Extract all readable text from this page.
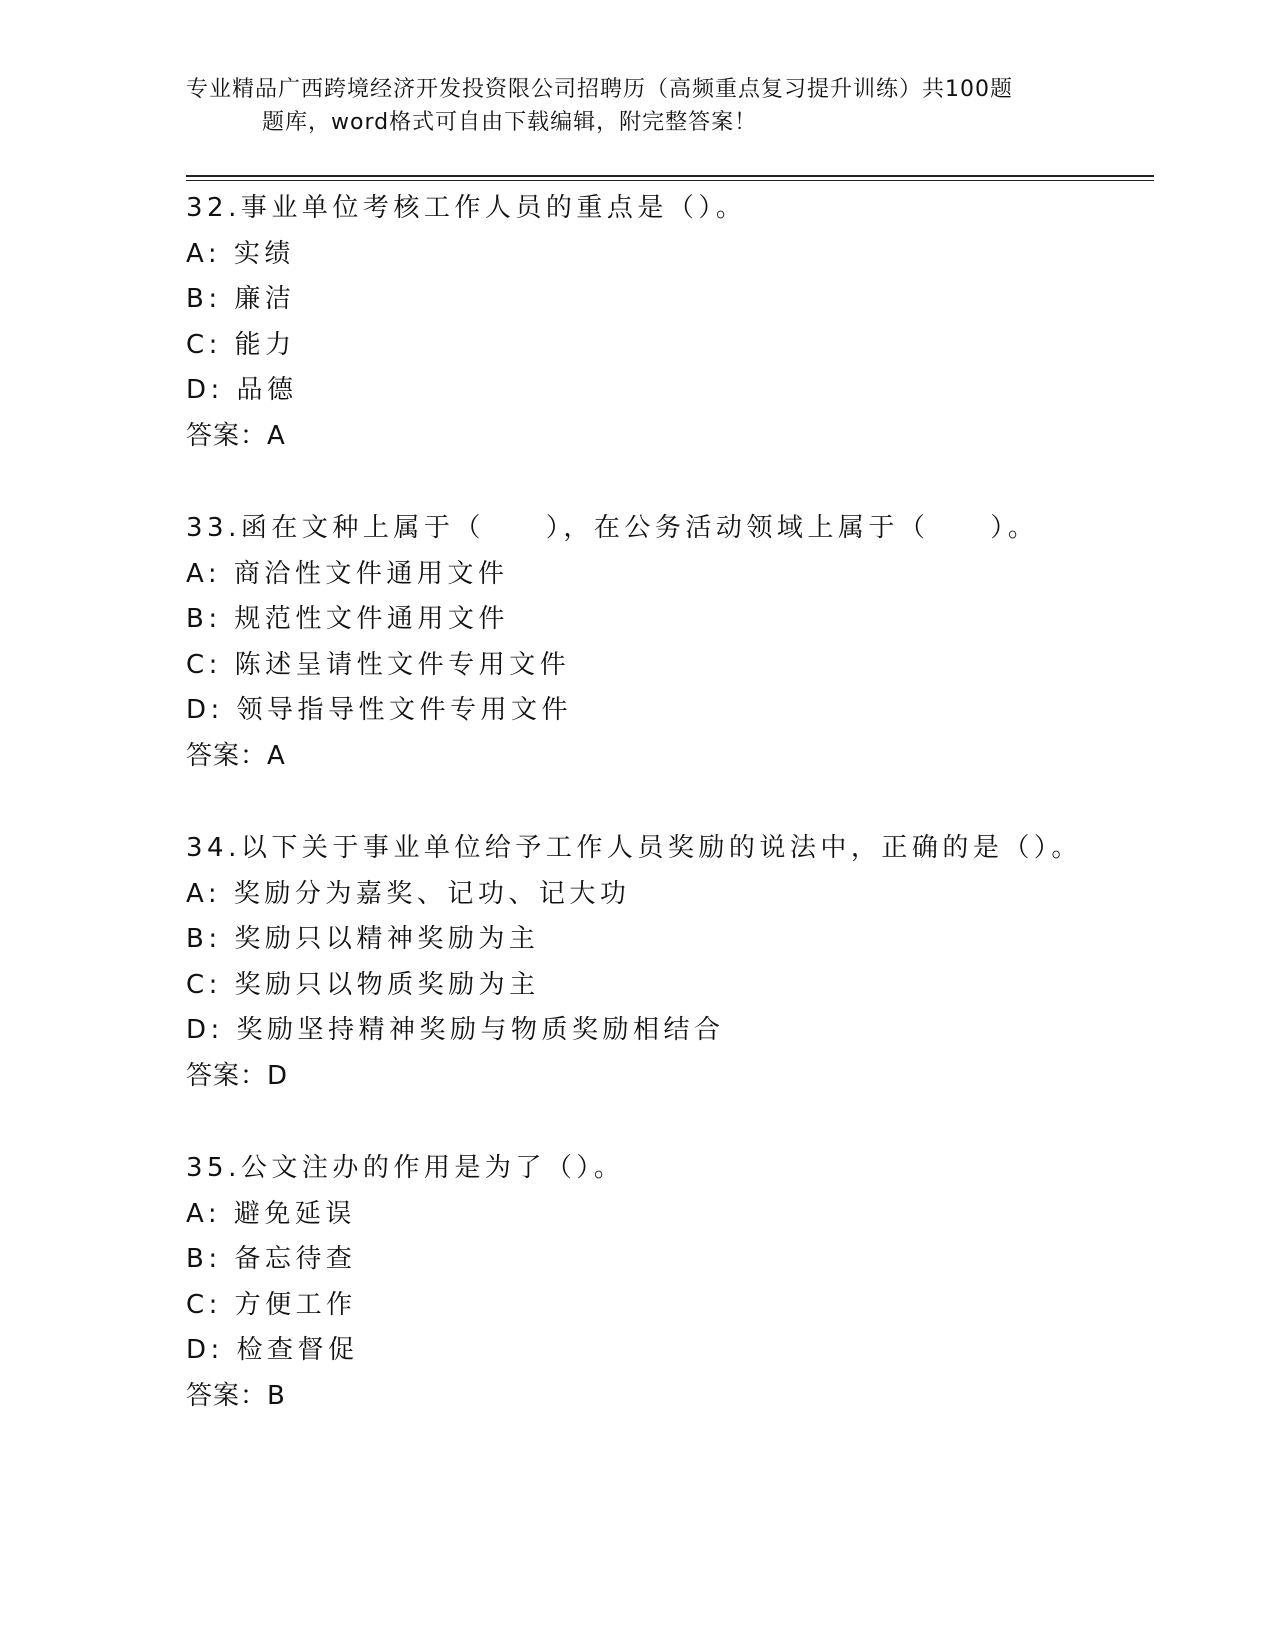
专业精品广西跨境经济开发投资限公司招聘历（高频重点复习提升训练）共100题
题库，word格式可自由下载编辑，附完整答案！
32.事业单位考核工作人员的重点是（）。
A: 实绩
B: 廉洁
C: 能力
D: 品德
答案：A
33.函在文种上属于（　　），在公务活动领域上属于（　　）。
A: 商洽性文件通用文件
B: 规范性文件通用文件
C: 陈述呈请性文件专用文件
D: 领导指导性文件专用文件
答案：A
34.以下关于事业单位给予工作人员奖励的说法中，正确的是（）。
A: 奖励分为嘉奖、记功、记大功
B: 奖励只以精神奖励为主
C: 奖励只以物质奖励为主
D: 奖励坚持精神奖励与物质奖励相结合
答案：D
35.公文注办的作用是为了（）。
A: 避免延误
B: 备忘待查
C: 方便工作
D: 检查督促
答案：B
